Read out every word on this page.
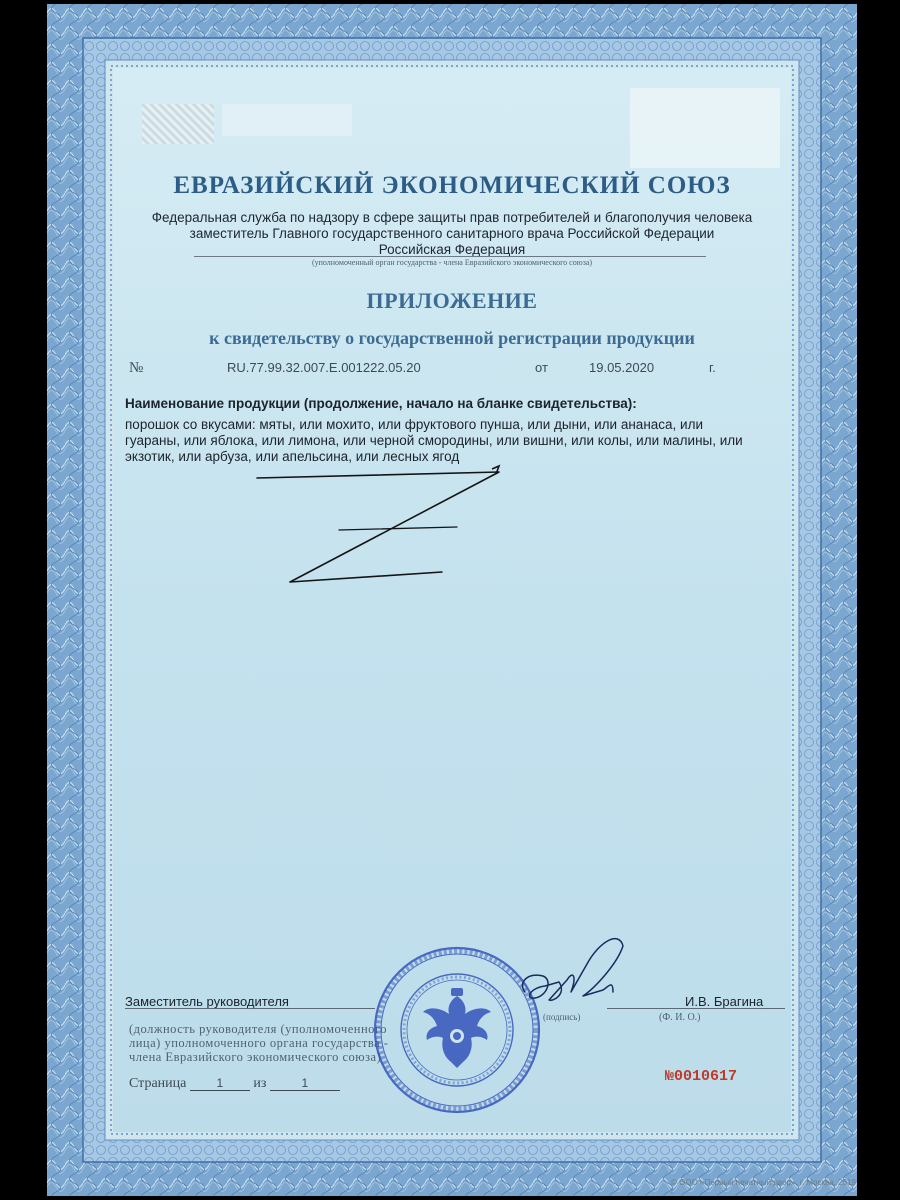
ЕВРАЗИЙСКИЙ ЭКОНОМИЧЕСКИЙ СОЮЗ
Федеральная служба по надзору в сфере защиты прав потребителей и благополучия человека
заместитель Главного государственного санитарного врача Российской Федерации
Российская Федерация
(уполномоченный орган государства - члена Евразийского экономического союза)
ПРИЛОЖЕНИЕ
к свидетельству о государственной регистрации продукции
№	RU.77.99.32.007.Е.001222.05.20	от	19.05.2020	г.
Наименование продукции (продолжение, начало на бланке свидетельства):
порошок со вкусами: мяты, или мохито, или фруктового пунша, или дыни, или ананаса, или
гуараны, или яблока, или лимона, или черной смородины, или вишни, или колы, или малины, или
экзотик, или арбуза, или апельсина, или лесных ягод
Заместитель руководителя	И.В. Брагина
(подпись)	(Ф. И. О.)
(должность руководителя (уполномоченного
лица) уполномоченного органа государства -
члена Евразийского экономического союза)
Страница	1 из	1	№0010617
© ООО «Первый печатный двор», г. Москва, 2019 г.
